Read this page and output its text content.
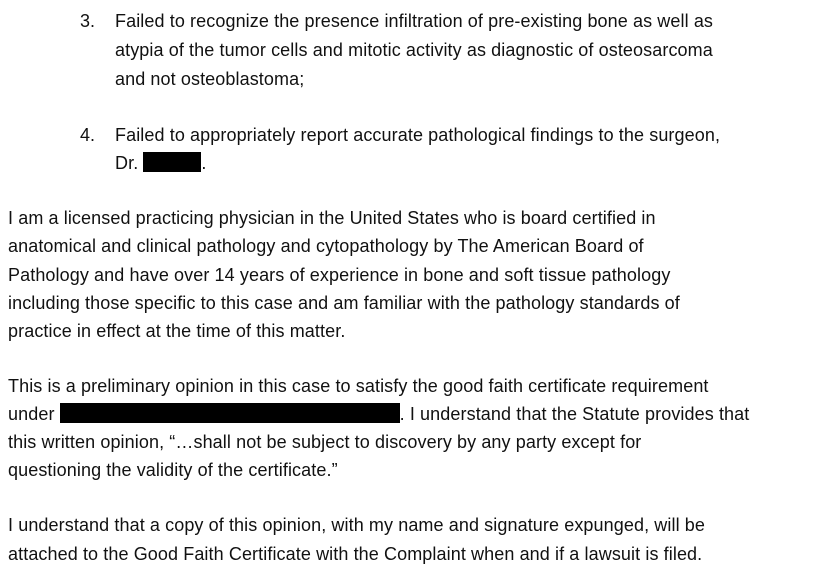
3. Failed to recognize the presence infiltration of pre-existing bone as well as
atypia of the tumor cells and mitotic activity as diagnostic of osteosarcoma
and not osteoblastoma;
4. Failed to appropriately report accurate pathological findings to the surgeon,
Dr.	.
I am a licensed practicing physician in the United States who is board certified in
anatomical and clinical pathology and cytopathology by The American Board of
Pathology and have over 14 years of experience in bone and soft tissue pathology
including those specific to this case and am familiar with the pathology standards of
practice in effect at the time of this matter.
This is a preliminary opinion in this case to satisfy the good faith certificate requirement
under	. I understand that the Statute provides that
this written opinion, “…shall not be subject to discovery by any party except for
questioning the validity of the certificate.”
I understand that a copy of this opinion, with my name and signature expunged, will be
attached to the Good Faith Certificate with the Complaint when and if a lawsuit is filed.
